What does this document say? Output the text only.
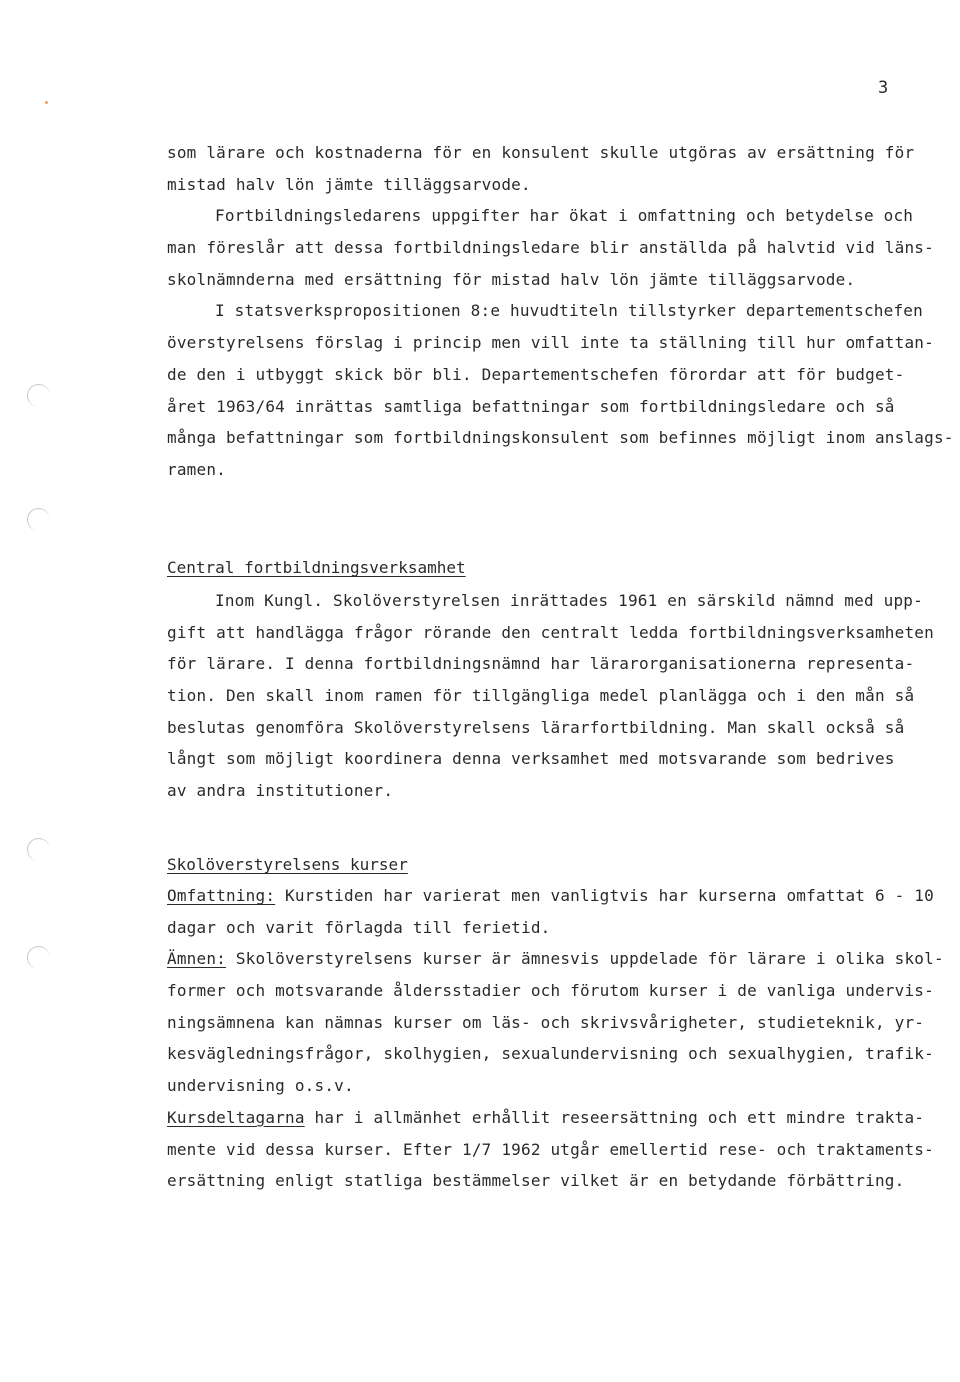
3
som lärare och kostnaderna för en konsulent skulle utgöras av ersättning för
mistad halv lön jämte tilläggsarvode.
Fortbildningsledarens uppgifter har ökat i omfattning och betydelse och
man föreslår att dessa fortbildningsledare blir anställda på halvtid vid läns-
skolnämnderna med ersättning för mistad halv lön jämte tilläggsarvode.
I statsverkspropositionen 8:e huvudtiteln tillstyrker departementschefen
överstyrelsens förslag i princip men vill inte ta ställning till hur omfattan-
de den i utbyggt skick bör bli. Departementschefen förordar att för budget-
året 1963/64 inrättas samtliga befattningar som fortbildningsledare och så
många befattningar som fortbildningskonsulent som befinnes möjligt inom anslags-
ramen.
Central fortbildningsverksamhet
Inom Kungl. Skolöverstyrelsen inrättades 1961 en särskild nämnd med upp-
gift att handlägga frågor rörande den centralt ledda fortbildningsverksamheten
för lärare. I denna fortbildningsnämnd har lärarorganisationerna representa-
tion. Den skall inom ramen för tillgängliga medel planlägga och i den mån så
beslutas genomföra Skolöverstyrelsens lärarfortbildning. Man skall också så
långt som möjligt koordinera denna verksamhet med motsvarande som bedrives
av andra institutioner.
Skolöverstyrelsens kurser
Omfattning: Kurstiden har varierat men vanligtvis har kurserna omfattat 6 - 10
dagar och varit förlagda till ferietid.
Ämnen: Skolöverstyrelsens kurser är ämnesvis uppdelade för lärare i olika skol-
former och motsvarande åldersstadier och förutom kurser i de vanliga undervis-
ningsämnena kan nämnas kurser om läs- och skrivsvårigheter, studieteknik, yr-
kesvägledningsfrågor, skolhygien, sexualundervisning och sexualhygien, trafik-
undervisning o.s.v.
Kursdeltagarna har i allmänhet erhållit reseersättning och ett mindre trakta-
mente vid dessa kurser. Efter 1/7 1962 utgår emellertid rese- och traktaments-
ersättning enligt statliga bestämmelser vilket är en betydande förbättring.
